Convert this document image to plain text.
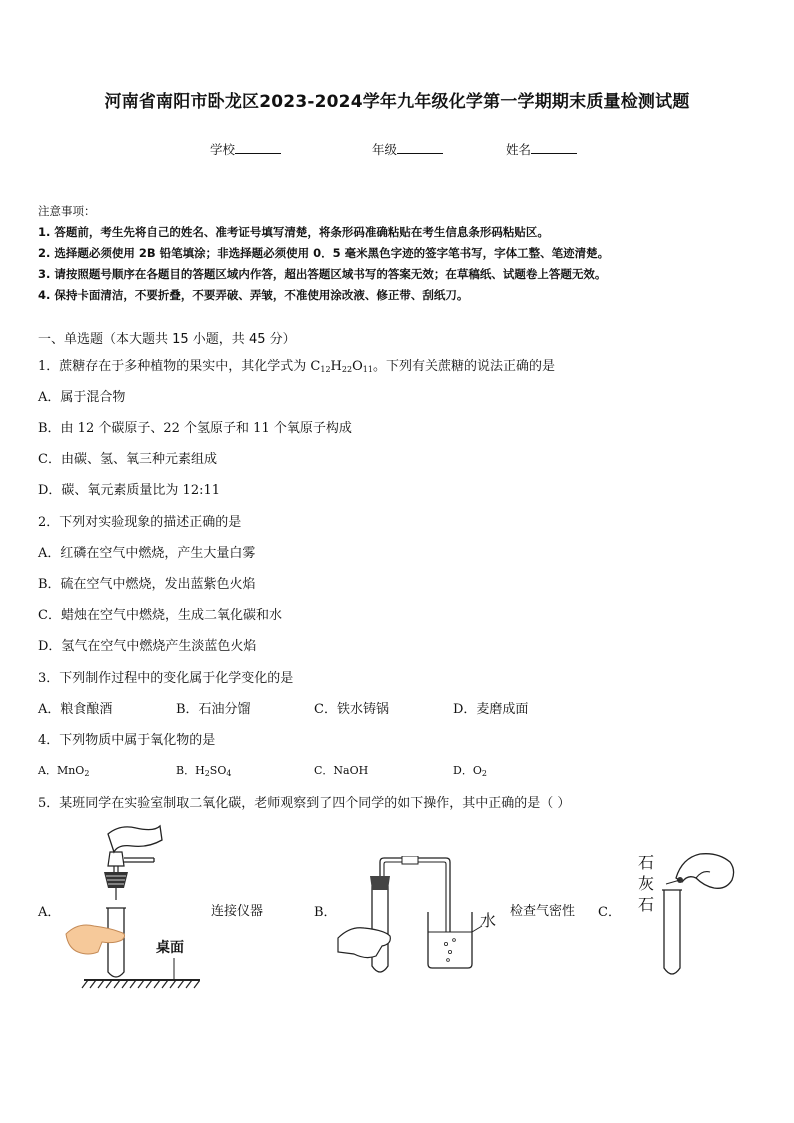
河南省南阳市卧龙区2023-2024学年九年级化学第一学期期末质量检测试题
学校	年级	姓名
注意事项：
1. 答题前，考生先将自己的姓名、准考证号填写清楚，将条形码准确粘贴在考生信息条形码粘贴区。
2. 选择题必须使用 2B 铅笔填涂；非选择题必须使用 0．5 毫米黑色字迹的签字笔书写，字体工整、笔迹清楚。
3. 请按照题号顺序在各题目的答题区域内作答，超出答题区域书写的答案无效；在草稿纸、试题卷上答题无效。
4. 保持卡面清洁，不要折叠，不要弄破、弄皱，不准使用涂改液、修正带、刮纸刀。
一、单选题（本大题共 15 小题，共 45 分）
1．蔗糖存在于多种植物的果实中，其化学式为 $C_{12}H_{22}O_{11}$。下列有关蔗糖的说法正确的是
A．属于混合物
B．由 12 个碳原子、22 个氢原子和 11 个氧原子构成
C．由碳、氢、氧三种元素组成
D．碳、氧元素质量比为 12:11
2．下列对实验现象的描述正确的是
A．红磷在空气中燃烧，产生大量白雾
B．硫在空气中燃烧，发出蓝紫色火焰
C．蜡烛在空气中燃烧，生成二氧化碳和水
D．氢气在空气中燃烧产生淡蓝色火焰
3．下列制作过程中的变化属于化学变化的是
A．粮食酿酒	B．石油分馏	C．铁水铸锅	D．麦磨成面
4．下列物质中属于氧化物的是
A．MnO$_2$	B．$H_2SO_4$	C．NaOH	D．$O_2$
5．某班同学在实验室制取二氧化碳，老师观察到了四个同学的如下操作，其中正确的是（ ）
A．
桌面
连接仪器	B．	水 检查气密性 C．
石
灰
石
